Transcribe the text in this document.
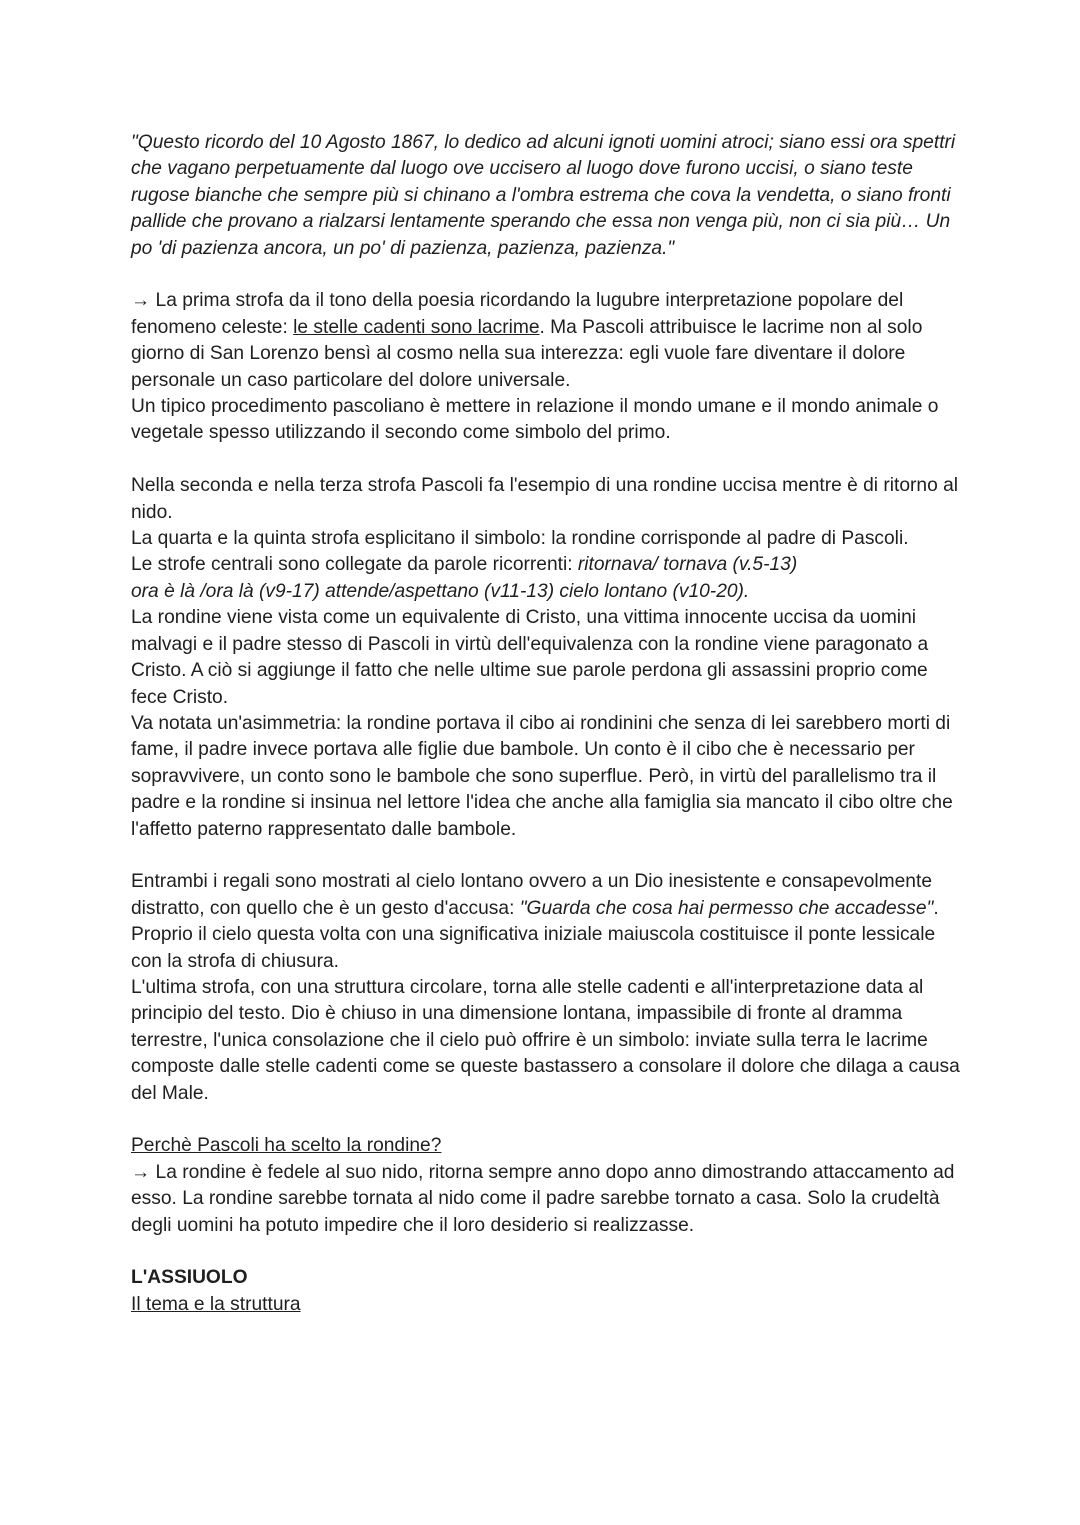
"Questo ricordo del 10 Agosto 1867, lo dedico ad alcuni ignoti uomini atroci; siano essi ora spettri che vagano perpetuamente dal luogo ove uccisero al luogo dove furono uccisi, o siano teste rugose bianche che sempre più si chinano a l'ombra estrema che cova la vendetta, o siano fronti pallide che provano a rialzarsi lentamente sperando che essa non venga più, non ci sia più… Un po 'di pazienza ancora, un po' di pazienza, pazienza, pazienza."

→ La prima strofa da il tono della poesia ricordando la lugubre interpretazione popolare del fenomeno celeste: le stelle cadenti sono lacrime. Ma Pascoli attribuisce le lacrime non al solo giorno di San Lorenzo bensì al cosmo nella sua interezza: egli vuole fare diventare il dolore personale un caso particolare del dolore universale.

Un tipico procedimento pascoliano è mettere in relazione il mondo umane e il mondo animale o vegetale spesso utilizzando il secondo come simbolo del primo.

Nella seconda e nella terza strofa Pascoli fa l'esempio di una rondine uccisa mentre è di ritorno al nido.

La quarta e la quinta strofa esplicitano il simbolo: la rondine corrisponde al padre di Pascoli.

Le strofe centrali sono collegate da parole ricorrenti: ritornava/ tornava (v.5-13)
ora è là /ora là (v9-17) attende/aspettano (v11-13) cielo lontano (v10-20).

La rondine viene vista come un equivalente di Cristo, una vittima innocente uccisa da uomini malvagi e il padre stesso di Pascoli in virtù dell'equivalenza con la rondine viene paragonato a Cristo. A ciò si aggiunge il fatto che nelle ultime sue parole perdona gli assassini proprio come fece Cristo.

Va notata un'asimmetria: la rondine portava il cibo ai rondinini che senza di lei sarebbero morti di fame, il padre invece portava alle figlie due bambole. Un conto è il cibo che è necessario per sopravvivere, un conto sono le bambole che sono superflue. Però, in virtù del parallelismo tra il padre e la rondine si insinua nel lettore l'idea che anche alla famiglia sia mancato il cibo oltre che l'affetto paterno rappresentato dalle bambole.

Entrambi i regali sono mostrati al cielo lontano ovvero a un Dio inesistente e consapevolmente distratto, con quello che è un gesto d'accusa: "Guarda che cosa hai permesso che accadesse".

Proprio il cielo questa volta con una significativa iniziale maiuscola costituisce il ponte lessicale con la strofa di chiusura.

L'ultima strofa, con una struttura circolare, torna alle stelle cadenti e all'interpretazione data al principio del testo. Dio è chiuso in una dimensione lontana, impassibile di fronte al dramma terrestre, l'unica consolazione che il cielo può offrire è un simbolo: inviate sulla terra le lacrime composte dalle stelle cadenti come se queste bastassero a consolare il dolore che dilaga a causa del Male.

Perchè Pascoli ha scelto la rondine?

→ La rondine è fedele al suo nido, ritorna sempre anno dopo anno dimostrando attaccamento ad esso. La rondine sarebbe tornata al nido come il padre sarebbe tornato a casa. Solo la crudeltà degli uomini ha potuto impedire che il loro desiderio si realizzasse.

L'ASSIUOLO

Il tema e la struttura
